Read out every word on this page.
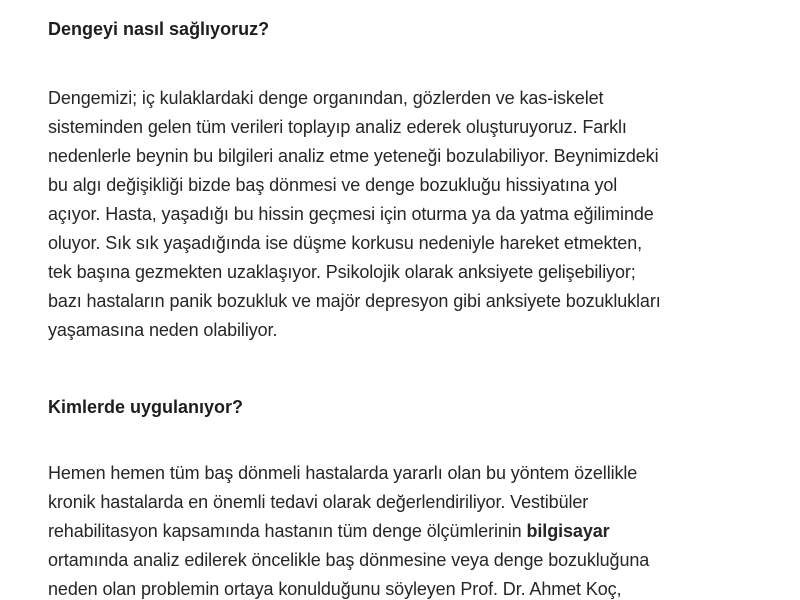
Dengeyi nasıl sağlıyoruz?

Dengemizi; iç kulaklardaki denge organından, gözlerden ve kas-iskelet
sisteminden gelen tüm verileri toplayıp analiz ederek oluşturuyoruz. Farklı
nedenlerle beynin bu bilgileri analiz etme yeteneği bozulabiliyor. Beynimizdeki
bu algı değişikliği bizde baş dönmesi ve denge bozukluğu hissiyatına yol
açıyor. Hasta, yaşadığı bu hissin geçmesi için oturma ya da yatma eğiliminde
oluyor. Sık sık yaşadığında ise düşme korkusu nedeniyle hareket etmekten,
tek başına gezmekten uzaklaşıyor. Psikolojik olarak anksiyete gelişebiliyor;
bazı hastaların panik bozukluk ve majör depresyon gibi anksiyete bozuklukları
yaşamasına neden olabiliyor.

Kimlerde uygulanıyor?

Hemen hemen tüm baş dönmeli hastalarda yararlı olan bu yöntem özellikle
kronik hastalarda en önemli tedavi olarak değerlendiriliyor. Vestibüler
rehabilitasyon kapsamında hastanın tüm denge ölçümlerinin bilgisayar
ortamında analiz edilerek öncelikle baş dönmesine veya denge bozukluğuna
neden olan problemin ortaya konulduğunu söyleyen Prof. Dr. Ahmet Koç,
